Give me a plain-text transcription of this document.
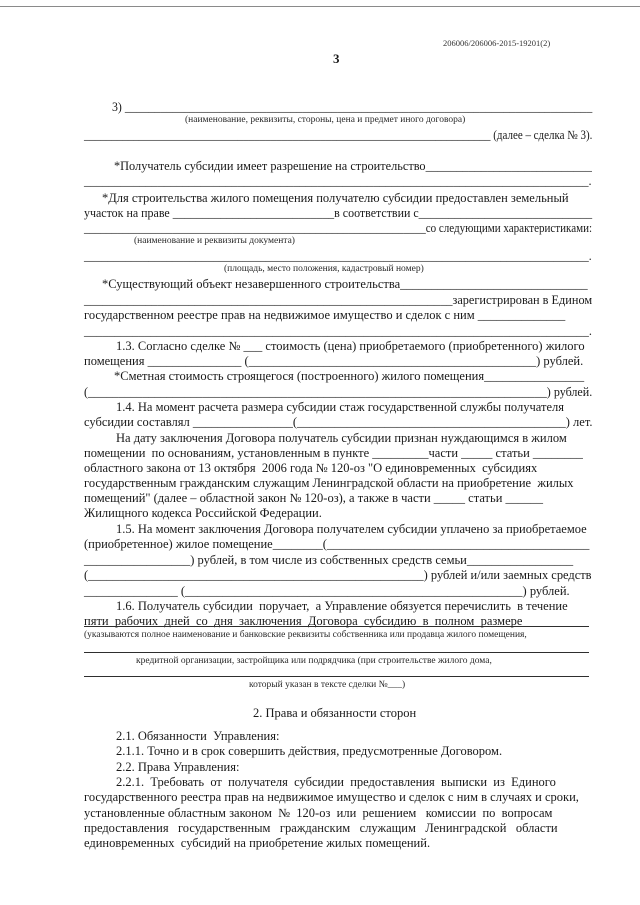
206006/206006-2015-19201(2)
3
3) _______________________________________________________________________________
(наименование, реквизиты, стороны, цена и предмет иного договора)
__________________________________________________________________________ (далее – сделка № 3).
*Получатель субсидии имеет разрешение на строительство___________________________
__________________________________________________________________________________.
*Для строительства жилого помещения получателю субсидии предоставлен земельный
участок на праве ___________________________в соответствии с_____________________________
______________________________________________________________со следующими характеристиками:
(наименование и реквизиты документа)
______________________________________________________________________________________.
(площадь, место положения, кадастровый номер)
*Существующий объект незавершенного строительства______________________________
____________________________________________________________зарегистрирован в Едином
государственном реестре прав на недвижимое имущество и сделок с ним ______________
___________________________________________________________________________________.
1.3. Согласно сделке № ___ стоимость (цена) приобретаемого (приобретенного) жилого
помещения _______________ (______________________________________________) рублей.
*Сметная стоимость строящегося (построенного) жилого помещения________________
(____________________________________________________________________________) рублей.
1.4. На момент расчета размера субсидии стаж государственной службы получателя
субсидии составлял ________________(___________________________________________) лет.
На дату заключения Договора получатель субсидии признан нуждающимся в жилом
помещении  по основаниям, установленным в пункте _________части _____ статьи ________
областного закона от 13 октября  2006 года № 120-оз "О единовременных  субсидиях
государственным гражданским служащим Ленинградской области на приобретение  жилых
помещений" (далее – областной закон № 120-оз), а также в части _____ статьи ______
Жилищного кодекса Российской Федерации.
1.5. На момент заключения Договора получателем субсидии уплачено за приобретаемое
(приобретенное) жилое помещение________(__________________________________________
_________________) рублей, в том числе из собственных средств семьи_________________
(______________________________________________________) рублей и/или заемных средств
_______________ (______________________________________________________) рублей.
1.6. Получатель субсидии  поручает,  а Управление обязуется перечислить  в течение
пяти  рабочих  дней  со  дня  заключения  Договора  субсидию  в  полном  размере
(указываются полное наименование и банковские реквизиты собственника или продавца жилого помещения,
кредитной организации, застройщика или подрядчика (при строительстве жилого дома,
который указан в тексте сделки №___)
2. Права и обязанности сторон
2.1. Обязанности  Управления:
2.1.1. Точно и в срок совершить действия, предусмотренные Договором.
2.2. Права Управления:
2.2.1.  Требовать  от  получателя  субсидии  предоставления  выписки  из  Единого
государственного реестра прав на недвижимое имущество и сделок с ним в случаях и сроки,
установленные областным законом  №  120-оз  или  решением   комиссии  по  вопросам
предоставления   государственным   гражданским   служащим   Ленинградской   области
единовременных  субсидий на приобретение жилых помещений.
